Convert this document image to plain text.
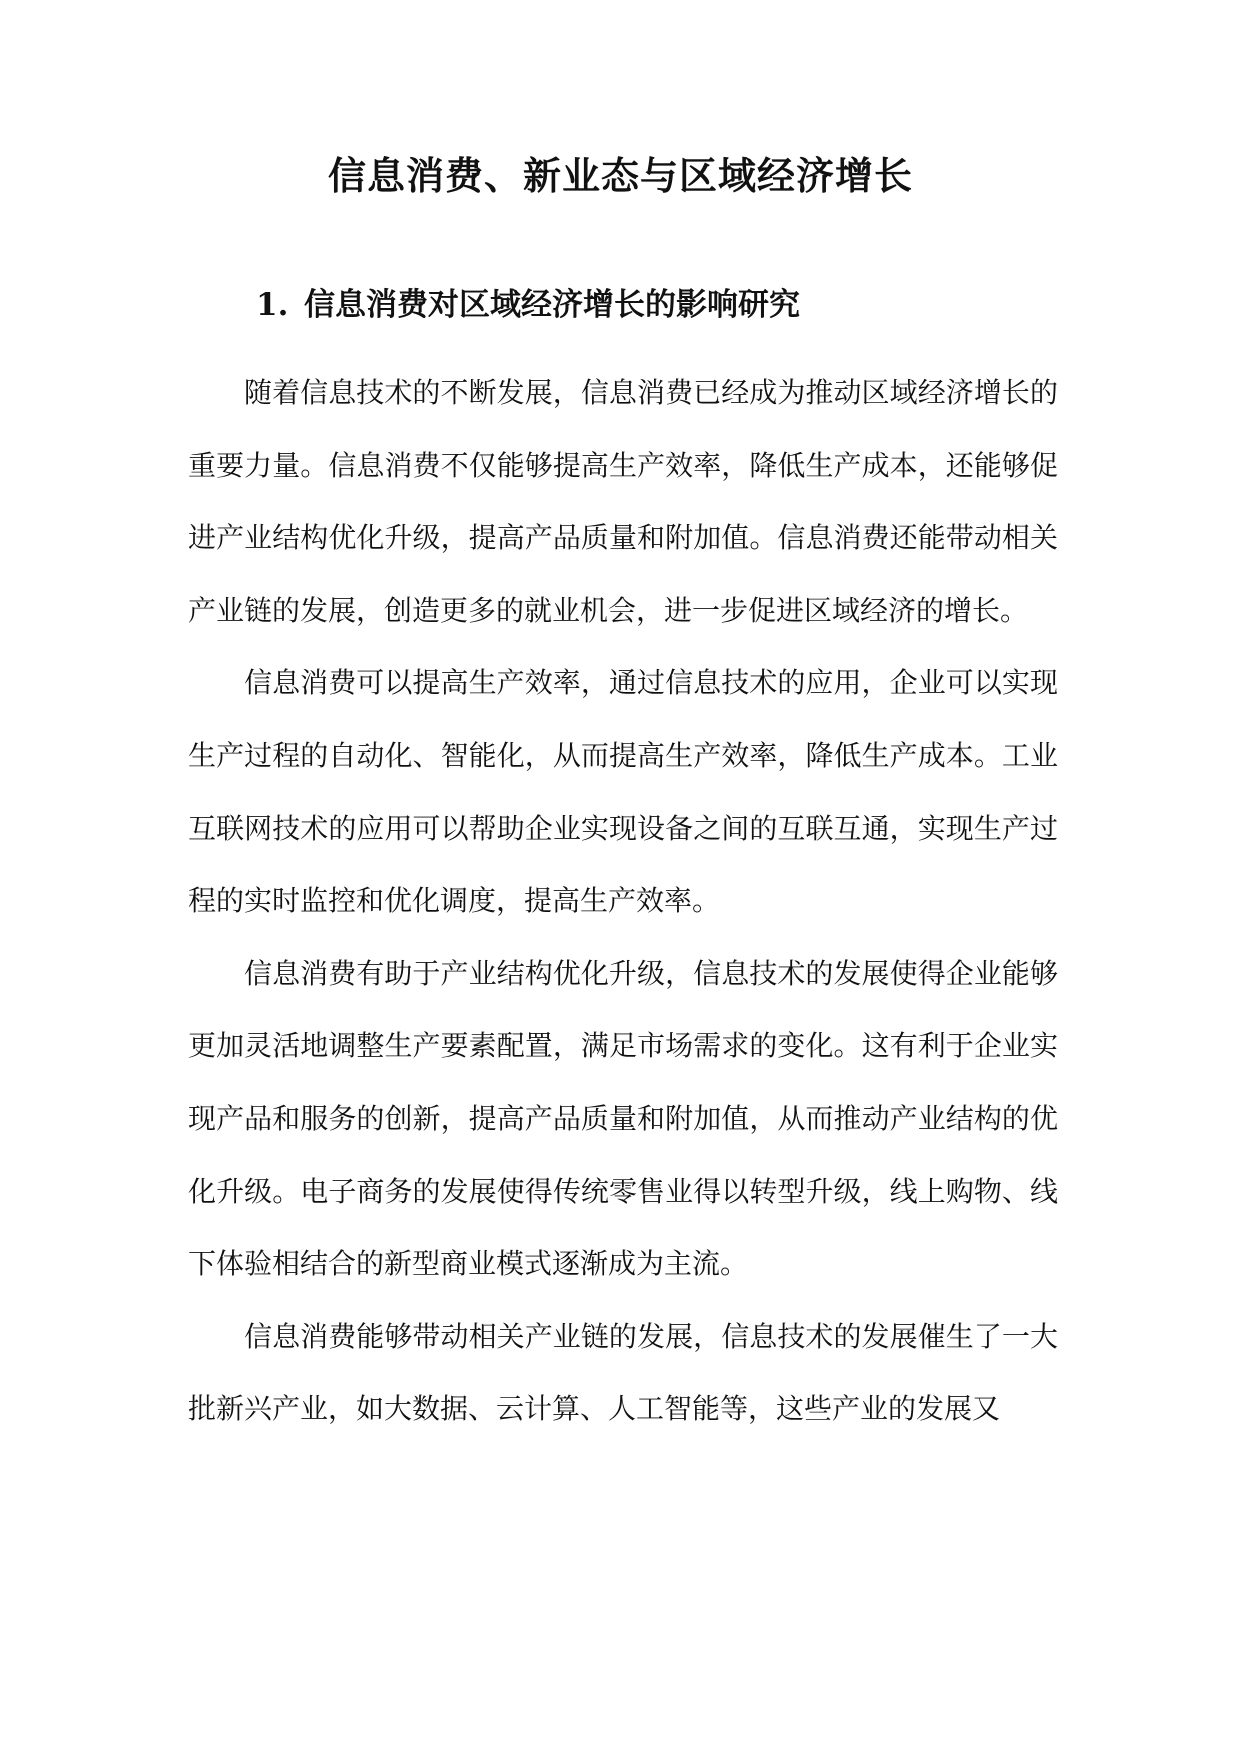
信息消费、新业态与区域经济增长
1. 信息消费对区域经济增长的影响研究

随着信息技术的不断发展，信息消费已经成为推动区域经济增长的重要力量。信息消费不仅能够提高生产效率，降低生产成本，还能够促进产业结构优化升级，提高产品质量和附加值。信息消费还能带动相关产业链的发展，创造更多的就业机会，进一步促进区域经济的增长。

信息消费可以提高生产效率，通过信息技术的应用，企业可以实现生产过程的自动化、智能化，从而提高生产效率，降低生产成本。工业互联网技术的应用可以帮助企业实现设备之间的互联互通，实现生产过程的实时监控和优化调度，提高生产效率。

信息消费有助于产业结构优化升级，信息技术的发展使得企业能够更加灵活地调整生产要素配置，满足市场需求的变化。这有利于企业实现产品和服务的创新，提高产品质量和附加值，从而推动产业结构的优化升级。电子商务的发展使得传统零售业得以转型升级，线上购物、线下体验相结合的新型商业模式逐渐成为主流。

信息消费能够带动相关产业链的发展，信息技术的发展催生了一大批新兴产业，如大数据、云计算、人工智能等，这些产业的发展又
